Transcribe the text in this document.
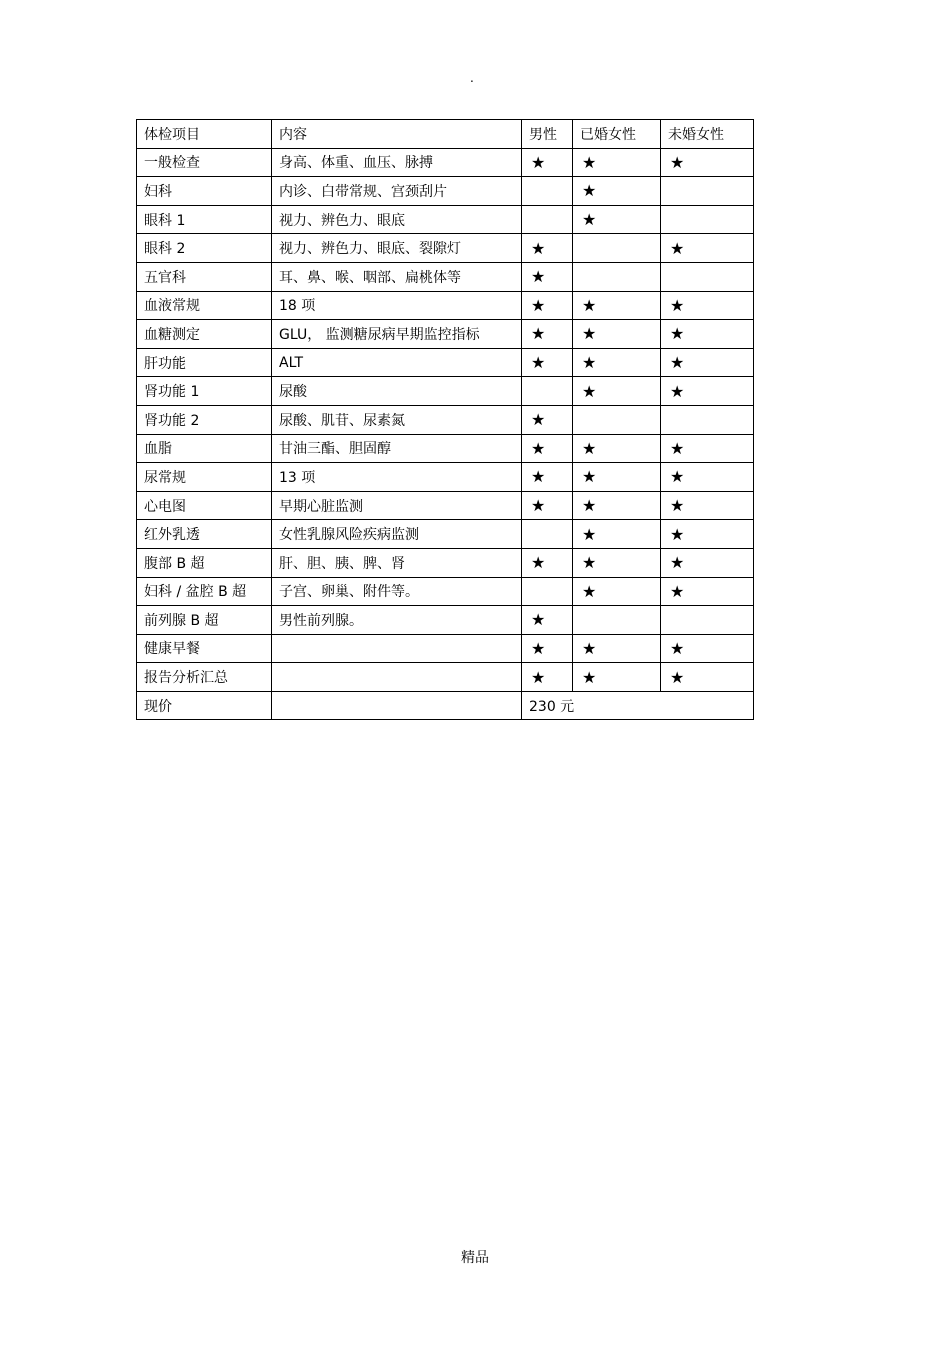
.
体检项目	内容	男性	已婚女性	未婚女性
一般检查	身高、体重、血压、脉搏	★	★	★
妇科	内诊、白带常规、宫颈刮片		★	
眼科 1	视力、辨色力、眼底		★	
眼科 2	视力、辨色力、眼底、裂隙灯	★		★
五官科	耳、鼻、喉、咽部、扁桃体等	★		
血液常规	18 项	★	★	★
血糖测定	GLU， 监测糖尿病早期监控指标	★	★	★
肝功能	ALT	★	★	★
肾功能 1	尿酸		★	★
肾功能 2	尿酸、肌苷、尿素氮	★		
血脂	甘油三酯、胆固醇	★	★	★
尿常规	13 项	★	★	★
心电图	早期心脏监测	★	★	★
红外乳透	女性乳腺风险疾病监测		★	★
腹部 B 超	肝、胆、胰、脾、肾	★	★	★
妇科 / 盆腔 B 超	子宫、卵巢、附件等。		★	★
前列腺 B 超	男性前列腺。	★		
健康早餐		★	★	★
报告分析汇总		★	★	★
现价		230 元		
精品
